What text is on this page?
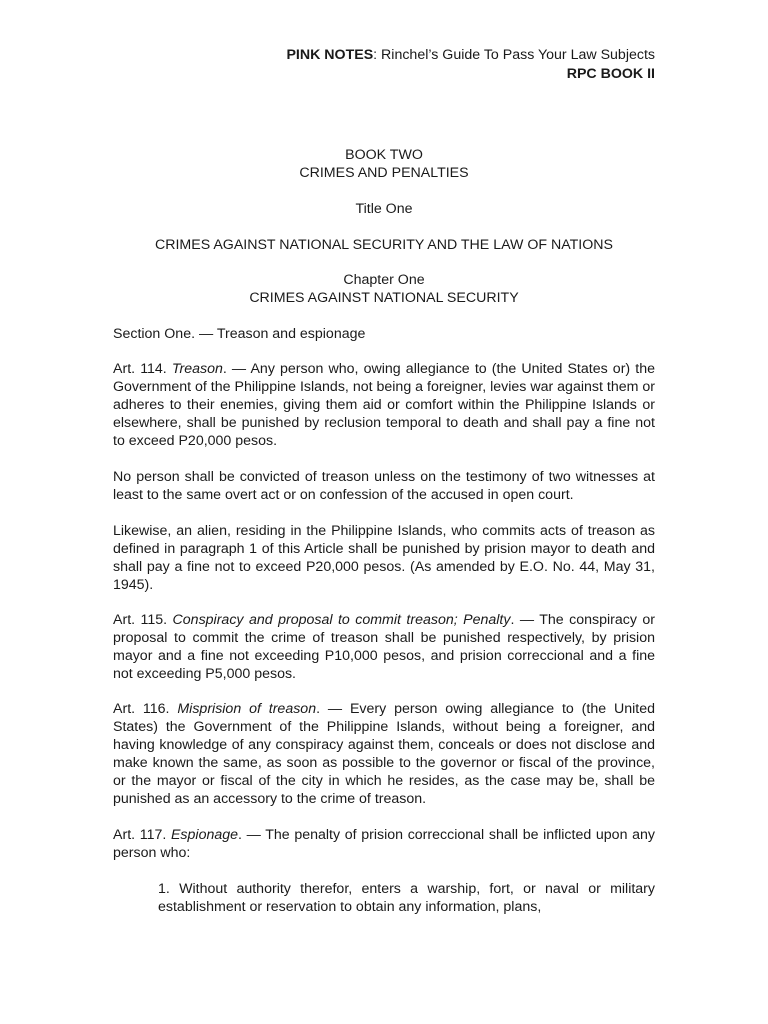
PINK NOTES: Rinchel’s Guide To Pass Your Law Subjects
RPC BOOK II
BOOK TWO
CRIMES AND PENALTIES
Title One
CRIMES AGAINST NATIONAL SECURITY AND THE LAW OF NATIONS
Chapter One
CRIMES AGAINST NATIONAL SECURITY
Section One. — Treason and espionage

Art. 114. Treason. — Any person who, owing allegiance to (the United States or) the Government of the Philippine Islands, not being a foreigner, levies war against them or adheres to their enemies, giving them aid or comfort within the Philippine Islands or elsewhere, shall be punished by reclusion temporal to death and shall pay a fine not to exceed P20,000 pesos.

No person shall be convicted of treason unless on the testimony of two witnesses at least to the same overt act or on confession of the accused in open court.

Likewise, an alien, residing in the Philippine Islands, who commits acts of treason as defined in paragraph 1 of this Article shall be punished by prision mayor to death and shall pay a fine not to exceed P20,000 pesos. (As amended by E.O. No. 44, May 31, 1945).

Art. 115. Conspiracy and proposal to commit treason; Penalty. — The conspiracy or proposal to commit the crime of treason shall be punished respectively, by prision mayor and a fine not exceeding P10,000 pesos, and prision correccional and a fine not exceeding P5,000 pesos.

Art. 116. Misprision of treason. — Every person owing allegiance to (the United States) the Government of the Philippine Islands, without being a foreigner, and having knowledge of any conspiracy against them, conceals or does not disclose and make known the same, as soon as possible to the governor or fiscal of the province, or the mayor or fiscal of the city in which he resides, as the case may be, shall be punished as an accessory to the crime of treason.

Art. 117. Espionage. — The penalty of prision correccional shall be inflicted upon any person who:

1. Without authority therefor, enters a warship, fort, or naval or military establishment or reservation to obtain any information, plans,
